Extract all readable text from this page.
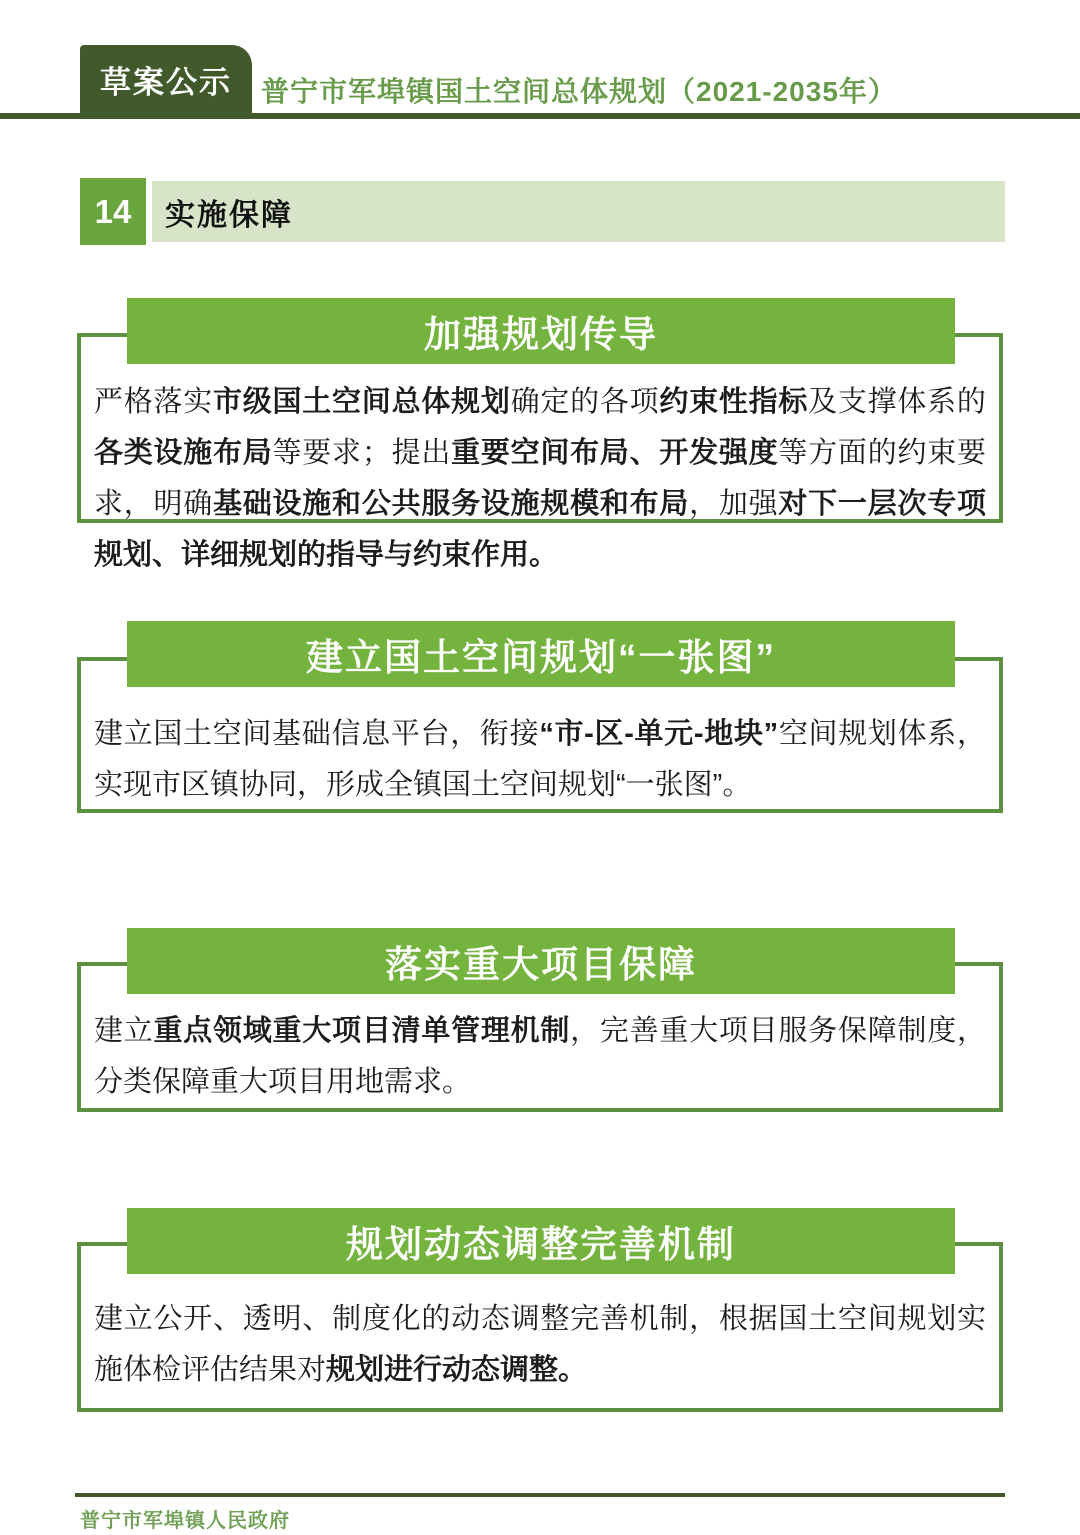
草案公示 普宁市军埠镇国土空间总体规划（2021-2035年）
14 实施保障

严格落实市级国土空间总体规划确定的各项约束性指标及支撑体系的各类设施布局等要求；提出重要空间布局、开发强度等方面的约束要求，明确基础设施和公共服务设施规模和布局，加强对下一层次专项规划、详细规划的指导与约束作用。

加强规划传导

建立国土空间基础信息平台，衔接“市-区-单元-地块”空间规划体系，实现市区镇协同，形成全镇国土空间规划“一张图”。

建立国土空间规划“一张图”

建立重点领域重大项目清单管理机制，完善重大项目服务保障制度，分类保障重大项目用地需求。

落实重大项目保障

建立公开、透明、制度化的动态调整完善机制，根据国土空间规划实施体检评估结果对规划进行动态调整。

规划动态调整完善机制
普宁市军埠镇人民政府
